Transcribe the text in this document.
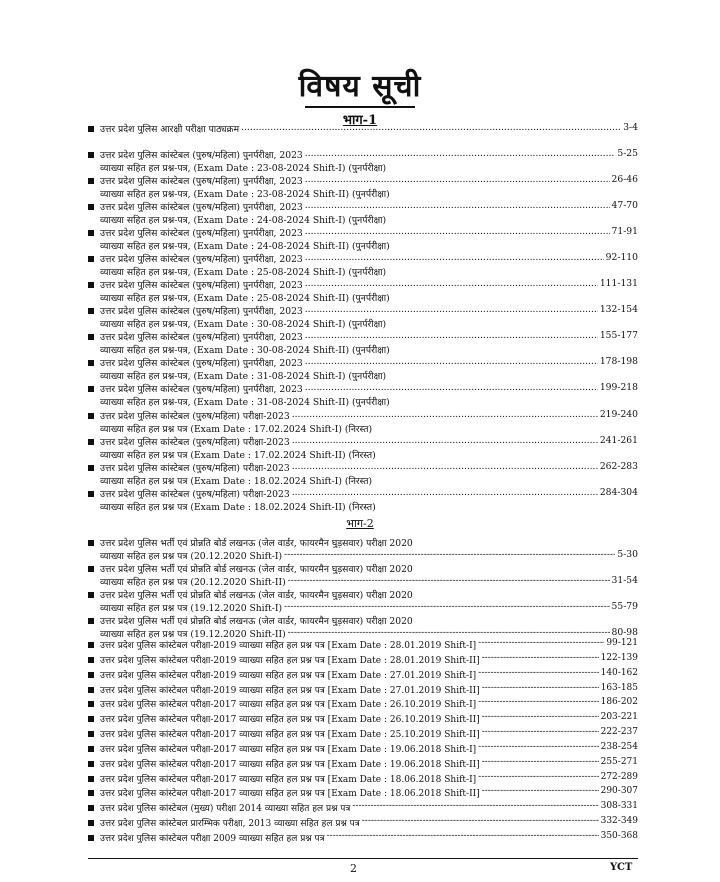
विषय सूची
भाग-1
उत्तर प्रदेश पुलिस आरक्षी परीक्षा पाठ्यक्रम .....	3-4
उत्तर प्रदेश पुलिस कांस्टेबल (पुरुष/महिला) पुनर्परीक्षा, 2023 .....	5-25
व्याख्या सहित हल प्रश्न-पत्र, (Exam Date : 23-08-2024 Shift-I) (पुनर्परीक्षा)
उत्तर प्रदेश पुलिस कांस्टेबल (पुरुष/महिला) पुनर्परीक्षा, 2023 .....	26-46
व्याख्या सहित हल प्रश्न-पत्र, (Exam Date : 23-08-2024 Shift-II) (पुनर्परीक्षा)
उत्तर प्रदेश पुलिस कांस्टेबल (पुरुष/महिला) पुनर्परीक्षा, 2023 .....	47-70
व्याख्या सहित हल प्रश्न-पत्र, (Exam Date : 24-08-2024 Shift-I) (पुनर्परीक्षा)
उत्तर प्रदेश पुलिस कांस्टेबल (पुरुष/महिला) पुनर्परीक्षा, 2023 .....	71-91
व्याख्या सहित हल प्रश्न-पत्र, (Exam Date : 24-08-2024 Shift-II) (पुनर्परीक्षा)
उत्तर प्रदेश पुलिस कांस्टेबल (पुरुष/महिला) पुनर्परीक्षा, 2023 .....	92-110
व्याख्या सहित हल प्रश्न-पत्र, (Exam Date : 25-08-2024 Shift-I) (पुनर्परीक्षा)
उत्तर प्रदेश पुलिस कांस्टेबल (पुरुष/महिला) पुनर्परीक्षा, 2023 .....	111-131
व्याख्या सहित हल प्रश्न-पत्र, (Exam Date : 25-08-2024 Shift-II) (पुनर्परीक्षा)
उत्तर प्रदेश पुलिस कांस्टेबल (पुरुष/महिला) पुनर्परीक्षा, 2023 .....	132-154
व्याख्या सहित हल प्रश्न-पत्र, (Exam Date : 30-08-2024 Shift-I) (पुनर्परीक्षा)
उत्तर प्रदेश पुलिस कांस्टेबल (पुरुष/महिला) पुनर्परीक्षा, 2023 .....	155-177
व्याख्या सहित हल प्रश्न-पत्र, (Exam Date : 30-08-2024 Shift-II) (पुनर्परीक्षा)
उत्तर प्रदेश पुलिस कांस्टेबल (पुरुष/महिला) पुनर्परीक्षा, 2023 .....	178-198
व्याख्या सहित हल प्रश्न-पत्र, (Exam Date : 31-08-2024 Shift-I) (पुनर्परीक्षा)
उत्तर प्रदेश पुलिस कांस्टेबल (पुरुष/महिला) पुनर्परीक्षा, 2023 .....	199-218
व्याख्या सहित हल प्रश्न-पत्र, (Exam Date : 31-08-2024 Shift-II) (पुनर्परीक्षा)
उत्तर प्रदेश पुलिस कांस्टेबल (पुरुष/महिला) परीक्षा-2023 .....	219-240
व्याख्या सहित हल प्रश्न पत्र (Exam Date : 17.02.2024 Shift-I) (निरस्त)
उत्तर प्रदेश पुलिस कांस्टेबल (पुरुष/महिला) परीक्षा-2023 .....	241-261
व्याख्या सहित हल प्रश्न पत्र (Exam Date : 17.02.2024 Shift-II) (निरस्त)
उत्तर प्रदेश पुलिस कांस्टेबल (पुरुष/महिला) परीक्षा-2023 .....	262-283
व्याख्या सहित हल प्रश्न पत्र (Exam Date : 18.02.2024 Shift-I) (निरस्त)
उत्तर प्रदेश पुलिस कांस्टेबल (पुरुष/महिला) परीक्षा-2023 .....	284-304
व्याख्या सहित हल प्रश्न पत्र (Exam Date : 18.02.2024 Shift-II) (निरस्त)
भाग-2
उत्तर प्रदेश पुलिस भर्ती एवं प्रोन्नति बोर्ड लखनऊ (जेल वार्डर, फायरमैन घुड़सवार) परीक्षा 2020
व्याख्या सहित हल प्रश्न पत्र (20.12.2020 Shift-I) -----	5-30
उत्तर प्रदेश पुलिस भर्ती एवं प्रोन्नति बोर्ड लखनऊ (जेल वार्डर, फायरमैन घुड़सवार) परीक्षा 2020
व्याख्या सहित हल प्रश्न पत्र (20.12.2020 Shift-II) -----	31-54
उत्तर प्रदेश पुलिस भर्ती एवं प्रोन्नति बोर्ड लखनऊ (जेल वार्डर, फायरमैन घुड़सवार) परीक्षा 2020
व्याख्या सहित हल प्रश्न पत्र (19.12.2020 Shift-I) -----	55-79
उत्तर प्रदेश पुलिस भर्ती एवं प्रोन्नति बोर्ड लखनऊ (जेल वार्डर, फायरमैन घुड़सवार) परीक्षा 2020
व्याख्या सहित हल प्रश्न पत्र (19.12.2020 Shift-II) -----	80-98
उत्तर प्रदेश पुलिस कांस्टेबल परीक्षा-2019 व्याख्या सहित हल प्रश्न पत्र [Exam Date : 28.01.2019 Shift-I] -----	99-121
उत्तर प्रदेश पुलिस कांस्टेबल परीक्षा-2019 व्याख्या सहित हल प्रश्न पत्र [Exam Date : 28.01.2019 Shift-II] -----	122-139
उत्तर प्रदेश पुलिस कांस्टेबल परीक्षा-2019 व्याख्या सहित हल प्रश्न पत्र [Exam Date : 27.01.2019 Shift-I] -----	140-162
उत्तर प्रदेश पुलिस कांस्टेबल परीक्षा-2019 व्याख्या सहित हल प्रश्न पत्र [Exam Date : 27.01.2019 Shift-II] -----	163-185
उत्तर प्रदेश पुलिस कांस्टेबल परीक्षा-2017 व्याख्या सहित हल प्रश्न पत्र [Exam Date : 26.10.2019 Shift-I] -----	186-202
उत्तर प्रदेश पुलिस कांस्टेबल परीक्षा-2017 व्याख्या सहित हल प्रश्न पत्र [Exam Date : 26.10.2019 Shift-II] -----	203-221
उत्तर प्रदेश पुलिस कांस्टेबल परीक्षा-2017 व्याख्या सहित हल प्रश्न पत्र [Exam Date : 25.10.2019 Shift-II] -----	222-237
उत्तर प्रदेश पुलिस कांस्टेबल परीक्षा-2017 व्याख्या सहित हल प्रश्न पत्र [Exam Date : 19.06.2018 Shift-I] -----	238-254
उत्तर प्रदेश पुलिस कांस्टेबल परीक्षा-2017 व्याख्या सहित हल प्रश्न पत्र [Exam Date : 19.06.2018 Shift-II] -----	255-271
उत्तर प्रदेश पुलिस कांस्टेबल परीक्षा-2017 व्याख्या सहित हल प्रश्न पत्र [Exam Date : 18.06.2018 Shift-I] -----	272-289
उत्तर प्रदेश पुलिस कांस्टेबल परीक्षा-2017 व्याख्या सहित हल प्रश्न पत्र [Exam Date : 18.06.2018 Shift-II] -----	290-307
उत्तर प्रदेश पुलिस कांस्टेबल (मुख्य) परीक्षा 2014 व्याख्या सहित हल प्रश्न पत्र -----	308-331
उत्तर प्रदेश पुलिस कांस्टेबल प्रारम्भिक परीक्षा, 2013 व्याख्या सहित हल प्रश्न पत्र -----	332-349
उत्तर प्रदेश पुलिस कांस्टेबल परीक्षा 2009 व्याख्या सहित हल प्रश्न पत्र -----	350-368
2	YCT
